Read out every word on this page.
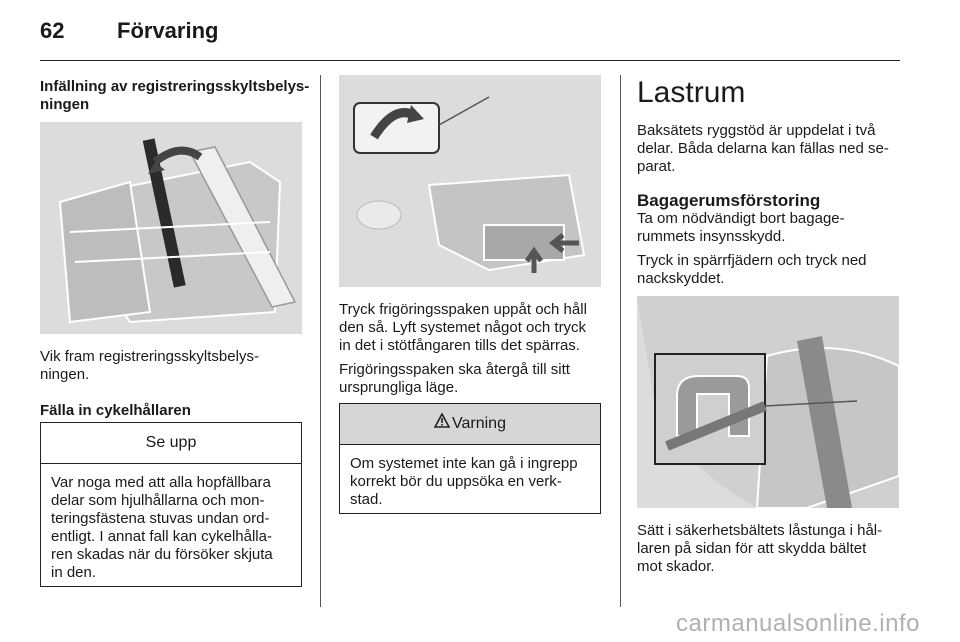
62 Förvaring
Infällning av registreringsskyltsbelys-
ningen
Vik fram registreringsskyltsbelys-
ningen.
Fälla in cykelhållaren
Se upp
Var noga med att alla hopfällbara
delar som hjulhållarna och mon-
teringsfästena stuvas undan ord-
entligt. I annat fall kan cykelhålla-
ren skadas när du försöker skjuta
in den.
Tryck frigöringsspaken uppåt och håll
den så. Lyft systemet något och tryck
in det i stötfångaren tills det spärras.
Frigöringsspaken ska återgå till sitt
ursprungliga läge.
Varning
Om systemet inte kan gå i ingrepp
korrekt bör du uppsöka en verk-
stad.
Lastrum
Baksätets ryggstöd är uppdelat i två
delar. Båda delarna kan fällas ned se-
parat.
Bagagerumsförstoring
Ta om nödvändigt bort bagage-
rummets insynsskydd.
Tryck in spärrfjädern och tryck ned
nackskyddet.
Sätt i säkerhetsbältets låstunga i hål-
laren på sidan för att skydda bältet
mot skador.
carmanualsonline.info
